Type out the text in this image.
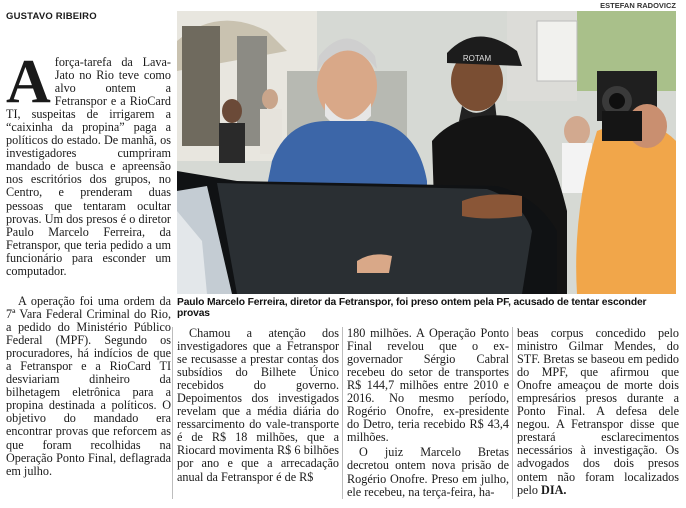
GUSTAVO RIBEIRO
ROTAM
ESTEFAN RADOVICZ
Paulo Marcelo Ferreira, diretor da Fetranspor, foi preso ontem pela PF, acusado de tentar esconder provas

Aforça-tarefa da Lava-Jato no Rio teve como alvo ontem a Fetranspor e a RioCard TI, suspeitas de irrigarem a “caixinha da propina” paga a políticos do estado. De manhã, os investigadores cumpriram mandado de busca e apreensão nos escritórios dos grupos, no Centro, e prenderam duas pessoas que tentaram ocultar provas. Um dos presos é o diretor Paulo Marcelo Ferreira, da Fetranspor, que teria pedido a um funcionário para esconder um computador.

A operação foi uma ordem da 7ª Vara Federal Criminal do Rio, a pedido do Ministério Público Federal (MPF). Segundo os procuradores, há indícios de que a Fetranspor e a RioCard TI desviariam dinheiro da bilhetagem eletrônica para a propina destinada a políticos. O objetivo do mandado era encontrar provas que reforcem as que foram recolhidas na Operação Ponto Final, deflagrada em julho.

Chamou a atenção dos investigadores que a Fetranspor se recusasse a prestar contas dos subsídios do Bilhete Único recebidos do governo. Depoimentos dos investigados revelam que a média diária do ressarcimento do vale-transporte é de R$ 18 milhões, que a Riocard movimenta R$ 6 bilhões por ano e que a arrecadação anual da Fetranspor é de R$

180 milhões. A Operação Ponto Final revelou que o ex-governador Sérgio Cabral recebeu do setor de transportes R$ 144,7 milhões entre 2010 e 2016. No mesmo período, Rogério Onofre, ex-presidente do Detro, teria recebido R$ 43,4 milhões.

O juiz Marcelo Bretas decretou ontem nova prisão de Rogério Onofre. Preso em julho, ele recebeu, na terça-feira, ha-

beas corpus concedido pelo ministro Gilmar Mendes, do STF. Bretas se baseou em pedido do MPF, que afirmou que Onofre ameaçou de morte dois empresários presos durante a Ponto Final. A defesa dele negou. A Fetranspor disse que prestará esclarecimentos necessários à investigação. Os advogados dos dois presos ontem não foram localizados pelo DIA.
